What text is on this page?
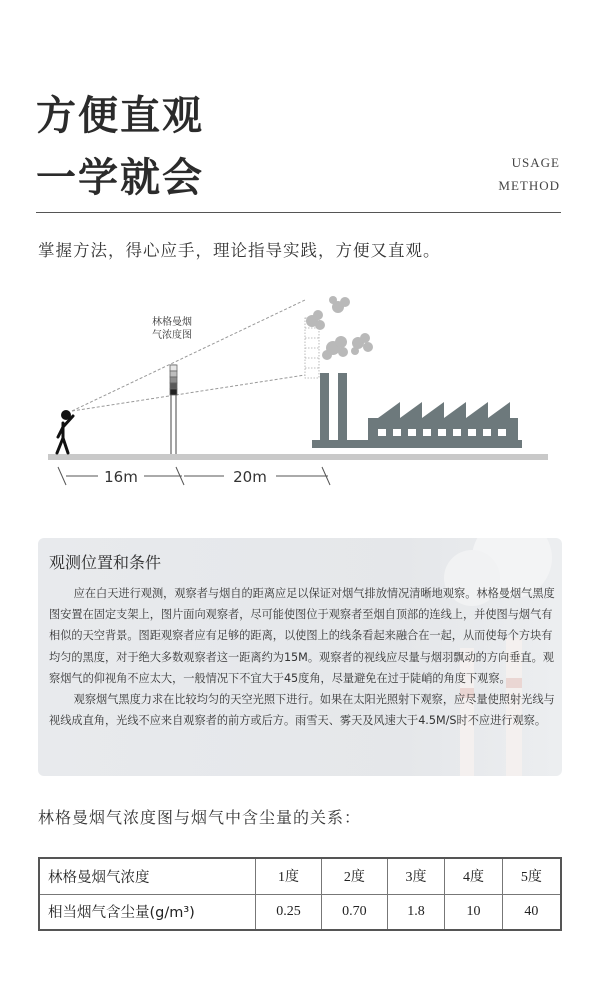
方便直观
一学就会	USAGE
METHOD
掌握方法，得心应手，理论指导实践，方便又直观。
林格曼烟
气浓度图
16m	20m
观测位置和条件

应在白天进行观测，观察者与烟自的距离应足以保证对烟气排放情况清晰地观察。林格曼烟气黑度图安置在固定支架上，图片面向观察者，尽可能使图位于观察者至烟自顶部的连线上，并使图与烟气有相似的天空背景。图距观察者应有足够的距离，以使图上的线条看起来融合在一起，从而使每个方块有均匀的黑度，对于绝大多数观察者这一距离约为15M。观察者的视线应尽量与烟羽飘动的方向垂直。观察烟气的仰视角不应太大，一般情况下不宜大于45度角，尽量避免在过于陡峭的角度下观察。

观察烟气黑度力求在比较均匀的天空光照下进行。如果在太阳光照射下观察，应尽量使照射光线与视线成直角，光线不应来自观察者的前方或后方。雨雪天、雾天及风速大于4.5M/S时不应进行观察。

林格曼烟气浓度图与烟气中含尘量的关系：
林格曼烟气浓度	1度	2度	3度	4度	5度
相当烟气含尘量(g/m³)	0.25	0.70	1.8	10	40
